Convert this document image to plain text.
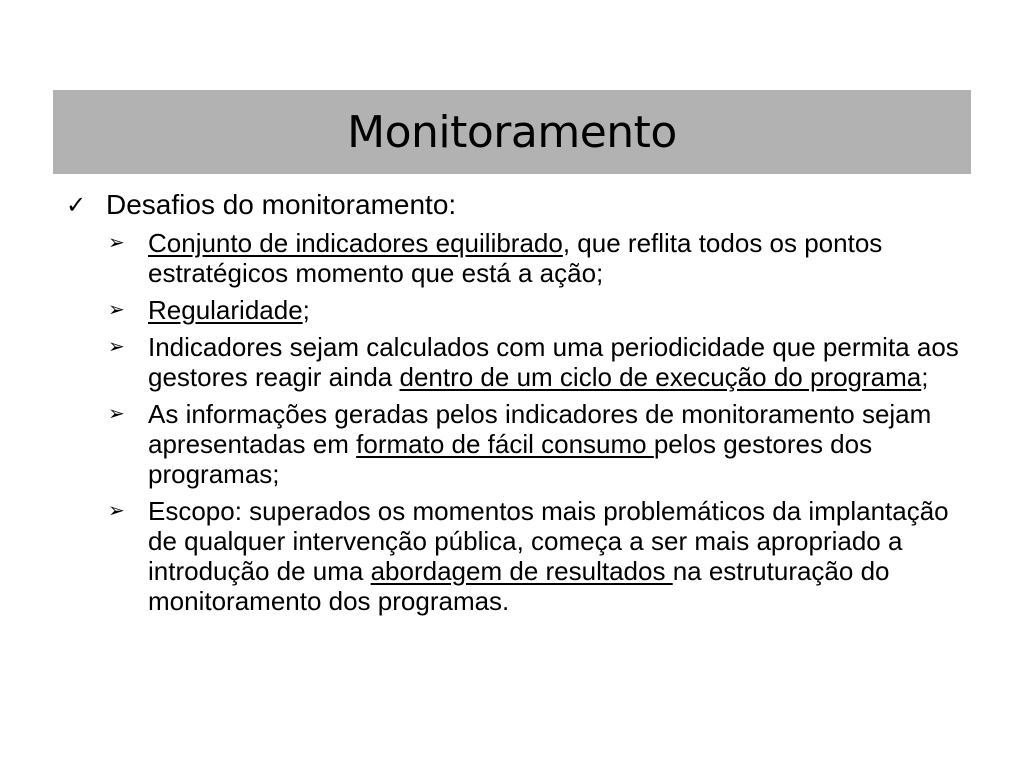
Monitoramento
✓ Desafios do monitoramento:
➢ Conjunto de indicadores equilibrado, que reflita todos os pontos estratégicos momento que está a ação;
➢ Regularidade;
➢ Indicadores sejam calculados com uma periodicidade que permita aos gestores reagir ainda dentro de um ciclo de execução do programa;
➢ As informações geradas pelos indicadores de monitoramento sejam apresentadas em formato de fácil consumo pelos gestores dos programas;
➢ Escopo: superados os momentos mais problemáticos da implantação de qualquer intervenção pública, começa a ser mais apropriado a introdução de uma abordagem de resultados na estruturação do monitoramento dos programas.
